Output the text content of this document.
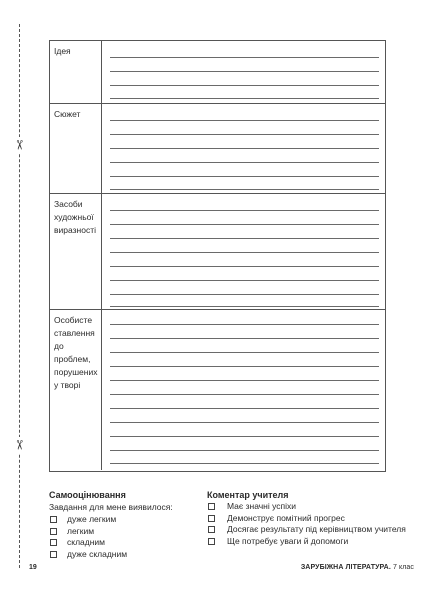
✂
✂
Ідея
Сюжет
Засоби художньої виразності
Особисте ставлення до проблем, порушених у творі
Самооцінювання
Завдання для мене виявилося:
дуже легким
легким
складним
дуже складним
Коментар учителя
Має значні успіхи
Демонструє помітний прогрес
Досягає результату під керівництвом учителя
Ще потребує уваги й допомоги
19	ЗАРУБІЖНА ЛІТЕРАТУРА. 7 клас
